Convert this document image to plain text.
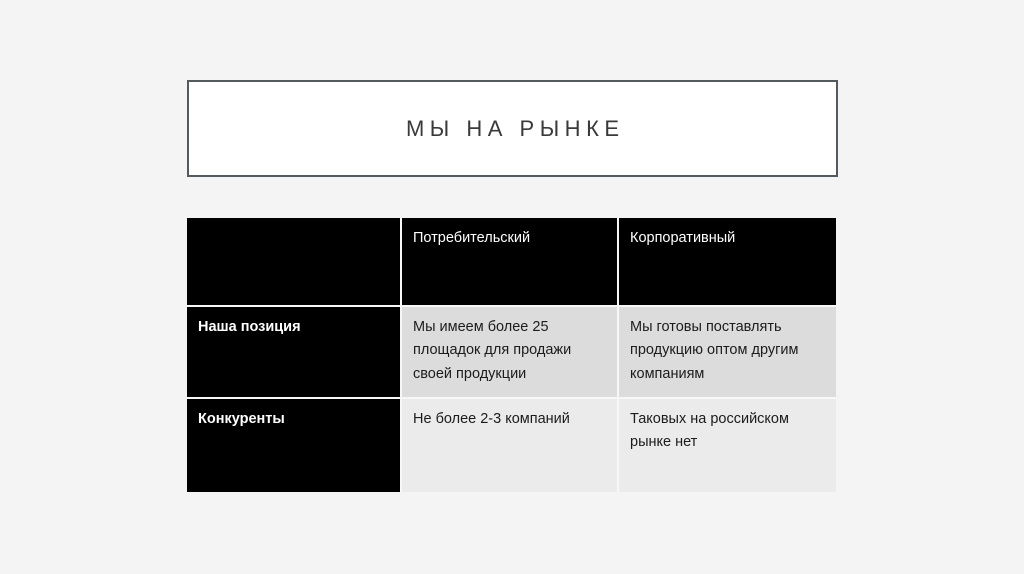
МЫ НА РЫНКЕ

	Потребительский	Корпоративный

Наша позиция	Мы имеем более 25 площадок для продажи своей продукции	Мы готовы поставлять продукцию оптом другим компаниям

Конкуренты	Не более 2-3 компаний	Таковых на российском рынке нет
